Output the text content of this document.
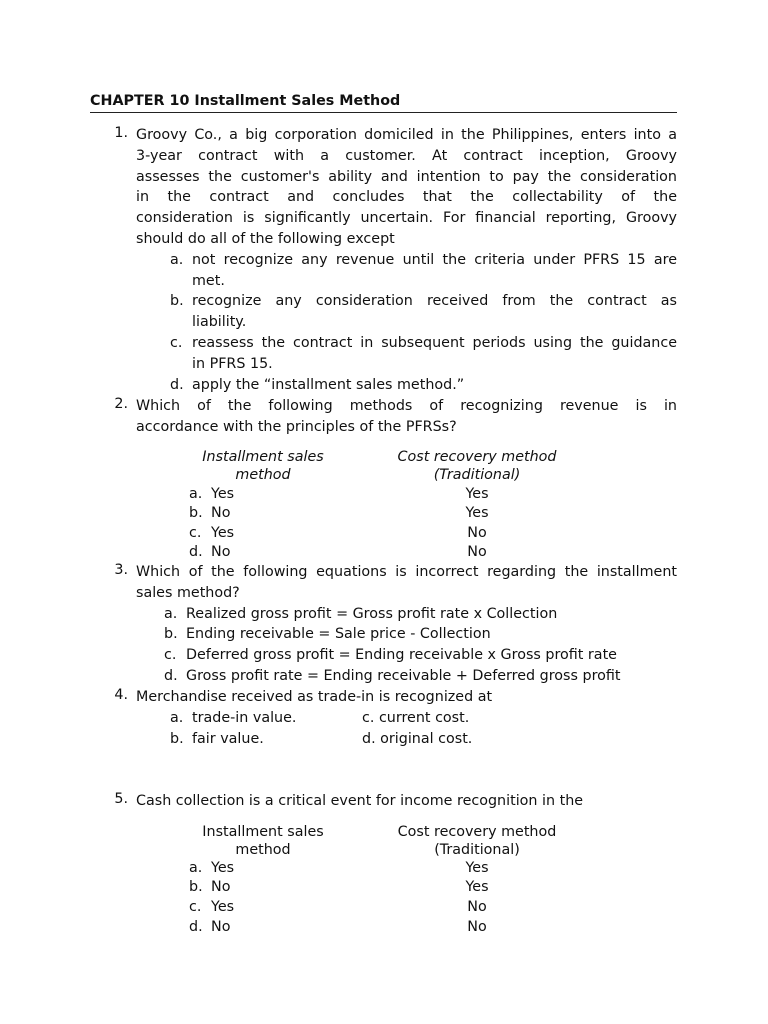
CHAPTER 10 Installment Sales Method
1. Groovy Co., a big corporation domiciled in the Philippines, enters into a
3-year contract with a customer. At contract inception, Groovy
assesses the customer's ability and intention to pay the consideration
in the contract and concludes that the collectability of the
consideration is significantly uncertain. For financial reporting, Groovy
should do all of the following except
a. not recognize any revenue until the criteria under PFRS 15 are
met.
b. recognize any consideration received from the contract as
liability.
c. reassess the contract in subsequent periods using the guidance
in PFRS 15.
d. apply the “installment sales method.”
2. Which of the following methods of recognizing revenue is in
accordance with the principles of the PFRSs?
Installment sales
method
Cost recovery method
(Traditional)
a. Yes	Yes
b. No	Yes
c. Yes	No
d. No	No
3. Which of the following equations is incorrect regarding the installment
sales method?
a. Realized gross profit = Gross profit rate x Collection
b. Ending receivable = Sale price - Collection
c. Deferred gross profit = Ending receivable x Gross profit rate
d. Gross profit rate = Ending receivable + Deferred gross profit
4. Merchandise received as trade-in is recognized at
a. trade-in value.
b. fair value.
c. current cost.
d. original cost.
5. Cash collection is a critical event for income recognition in the
Installment sales
method
Cost recovery method
(Traditional)
a. Yes	Yes
b. No	Yes
c. Yes	No
d. No	No
